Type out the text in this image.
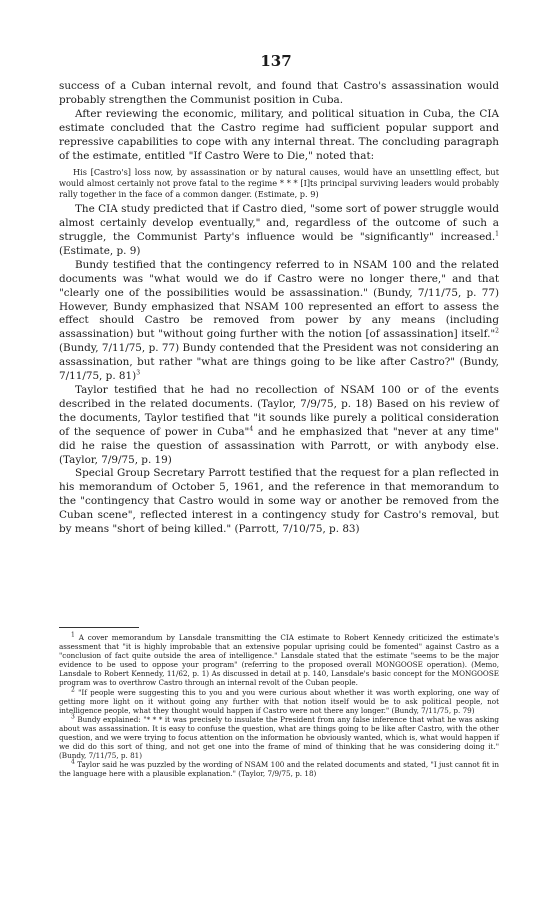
137

success of a Cuban internal revolt, and found that Castro's assassination would probably strengthen the Communist position in Cuba.

After reviewing the economic, military, and political situation in Cuba, the CIA estimate concluded that the Castro regime had sufficient popular support and repressive capabilities to cope with any internal threat. The concluding paragraph of the estimate, entitled "If Castro Were to Die," noted that:

His [Castro's] loss now, by assassination or by natural causes, would have an unsettling effect, but would almost certainly not prove fatal to the regime * * * [I]ts principal surviving leaders would probably rally together in the face of a common danger. (Estimate, p. 9)

The CIA study predicted that if Castro died, "some sort of power struggle would almost certainly develop eventually," and, regardless of the outcome of such a struggle, the Communist Party's influence would be "significantly" increased.$^1$ (Estimate, p. 9)

Bundy testified that the contingency referred to in NSAM 100 and the related documents was "what would we do if Castro were no longer there," and that "clearly one of the possibilities would be assassination." (Bundy, 7/11/75, p. 77) However, Bundy emphasized that NSAM 100 represented an effort to assess the effect should Castro be removed from power by any means (including assassination) but "without going further with the notion [of assassination] itself."$^2$ (Bundy, 7/11/75, p. 77) Bundy contended that the President was not considering an assassination, but rather "what are things going to be like after Castro?" (Bundy, 7/11/75, p. 81)$^3$

Taylor testified that he had no recollection of NSAM 100 or of the events described in the related documents. (Taylor, 7/9/75, p. 18) Based on his review of the documents, Taylor testified that "it sounds like purely a political consideration of the sequence of power in Cuba"$^4$ and he emphasized that "never at any time" did he raise the question of assassination with Parrott, or with anybody else. (Taylor, 7/9/75, p. 19)

Special Group Secretary Parrott testified that the request for a plan reflected in his memorandum of October 5, 1961, and the reference in that memorandum to the "contingency that Castro would in some way or another be removed from the Cuban scene", reflected interest in a contingency study for Castro's removal, but by means "short of being killed." (Parrott, 7/10/75, p. 83)

$^1$ A cover memorandum by Lansdale transmitting the CIA estimate to Robert Kennedy criticized the estimate's assessment that "it is highly improbable that an extensive popular uprising could be fomented" against Castro as a "conclusion of fact quite outside the area of intelligence." Lansdale stated that the estimate "seems to be the major evidence to be used to oppose your program" (referring to the proposed overall MONGOOSE operation). (Memo, Lansdale to Robert Kennedy, 11/62, p. 1) As discussed in detail at p. 140, Lansdale's basic concept for the MONGOOSE program was to overthrow Castro through an internal revolt of the Cuban people.

$^2$ "If people were suggesting this to you and you were curious about whether it was worth exploring, one way of getting more light on it without going any further with that notion itself would be to ask political people, not intelligence people, what they thought would happen if Castro were not there any longer." (Bundy, 7/11/75, p. 79)

$^3$ Bundy explained: "* * * it was precisely to insulate the President from any false inference that what he was asking about was assassination. It is easy to confuse the question, what are things going to be like after Castro, with the other question, and we were trying to focus attention on the information he obviously wanted, which is, what would happen if we did do this sort of thing, and not get one into the frame of mind of thinking that he was considering doing it." (Bundy, 7/11/75, p. 81)

$^4$ Taylor said he was puzzled by the wording of NSAM 100 and the related documents and stated, "I just cannot fit in the language here with a plausible explanation." (Taylor, 7/9/75, p. 18)
